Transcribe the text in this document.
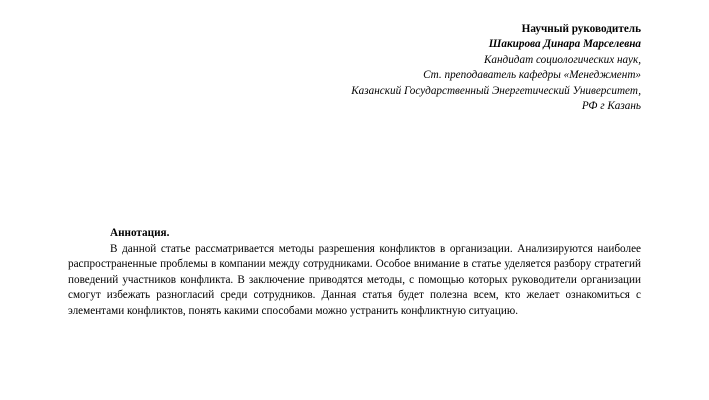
Научный руководитель
Шакирова Динара Марселевна
Кандидат социологических наук,
Ст. преподаватель кафедры «Менеджмент»
Казанский Государственный Энергетический Университет,
РФ г Казань
Аннотация.

В данной статье рассматривается методы разрешения конфликтов в организации. Анализируются наиболее распространенные проблемы в компании между сотрудниками. Особое внимание в статье уделяется разбору стратегий поведений участников конфликта. В заключение приводятся методы, с помощью которых руководители организации смогут избежать разногласий среди сотрудников. Данная статья будет полезна всем, кто желает ознакомиться с элементами конфликтов, понять какими способами можно устранить конфликтную ситуацию.
